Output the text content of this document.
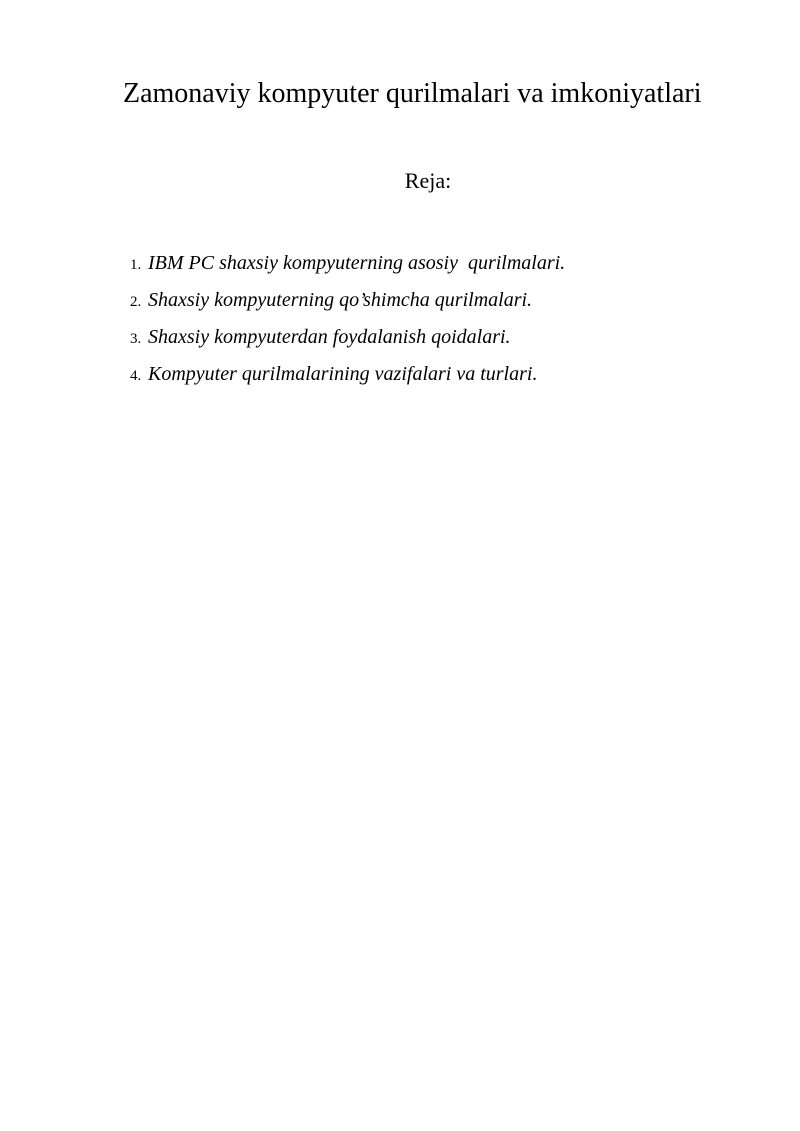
Zamonaviy kompyuter qurilmalari va imkoniyatlari
Reja:
1. IBM PC shaxsiy kompyuterning asosiy  qurilmalari.
2. Shaxsiy kompyuterning qo’shimcha qurilmalari.
3. Shaxsiy kompyuterdan foydalanish qoidalari.
4. Kompyuter qurilmalarining vazifalari va turlari.
